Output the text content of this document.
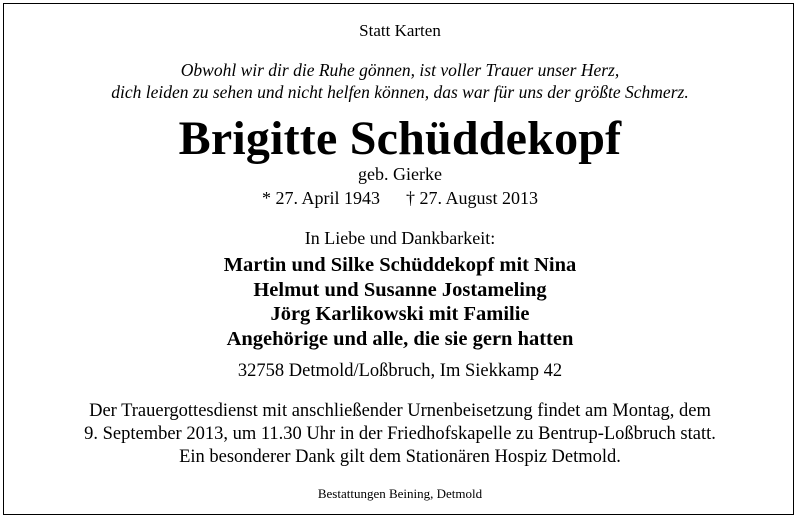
Statt Karten
Obwohl wir dir die Ruhe gönnen, ist voller Trauer unser Herz,
dich leiden zu sehen und nicht helfen können, das war für uns der größte Schmerz.
Brigitte Schüddekopf
geb. Gierke
* 27. April 1943 † 27. August 2013
In Liebe und Dankbarkeit:
Martin und Silke Schüddekopf mit Nina
Helmut und Susanne Jostameling
Jörg Karlikowski mit Familie
Angehörige und alle, die sie gern hatten
32758 Detmold/Loßbruch, Im Siekkamp 42
Der Trauergottesdienst mit anschließender Urnenbeisetzung findet am Montag, dem
9. September 2013, um 11.30 Uhr in der Friedhofskapelle zu Bentrup-Loßbruch statt.
Ein besonderer Dank gilt dem Stationären Hospiz Detmold.
Bestattungen Beining, Detmold
